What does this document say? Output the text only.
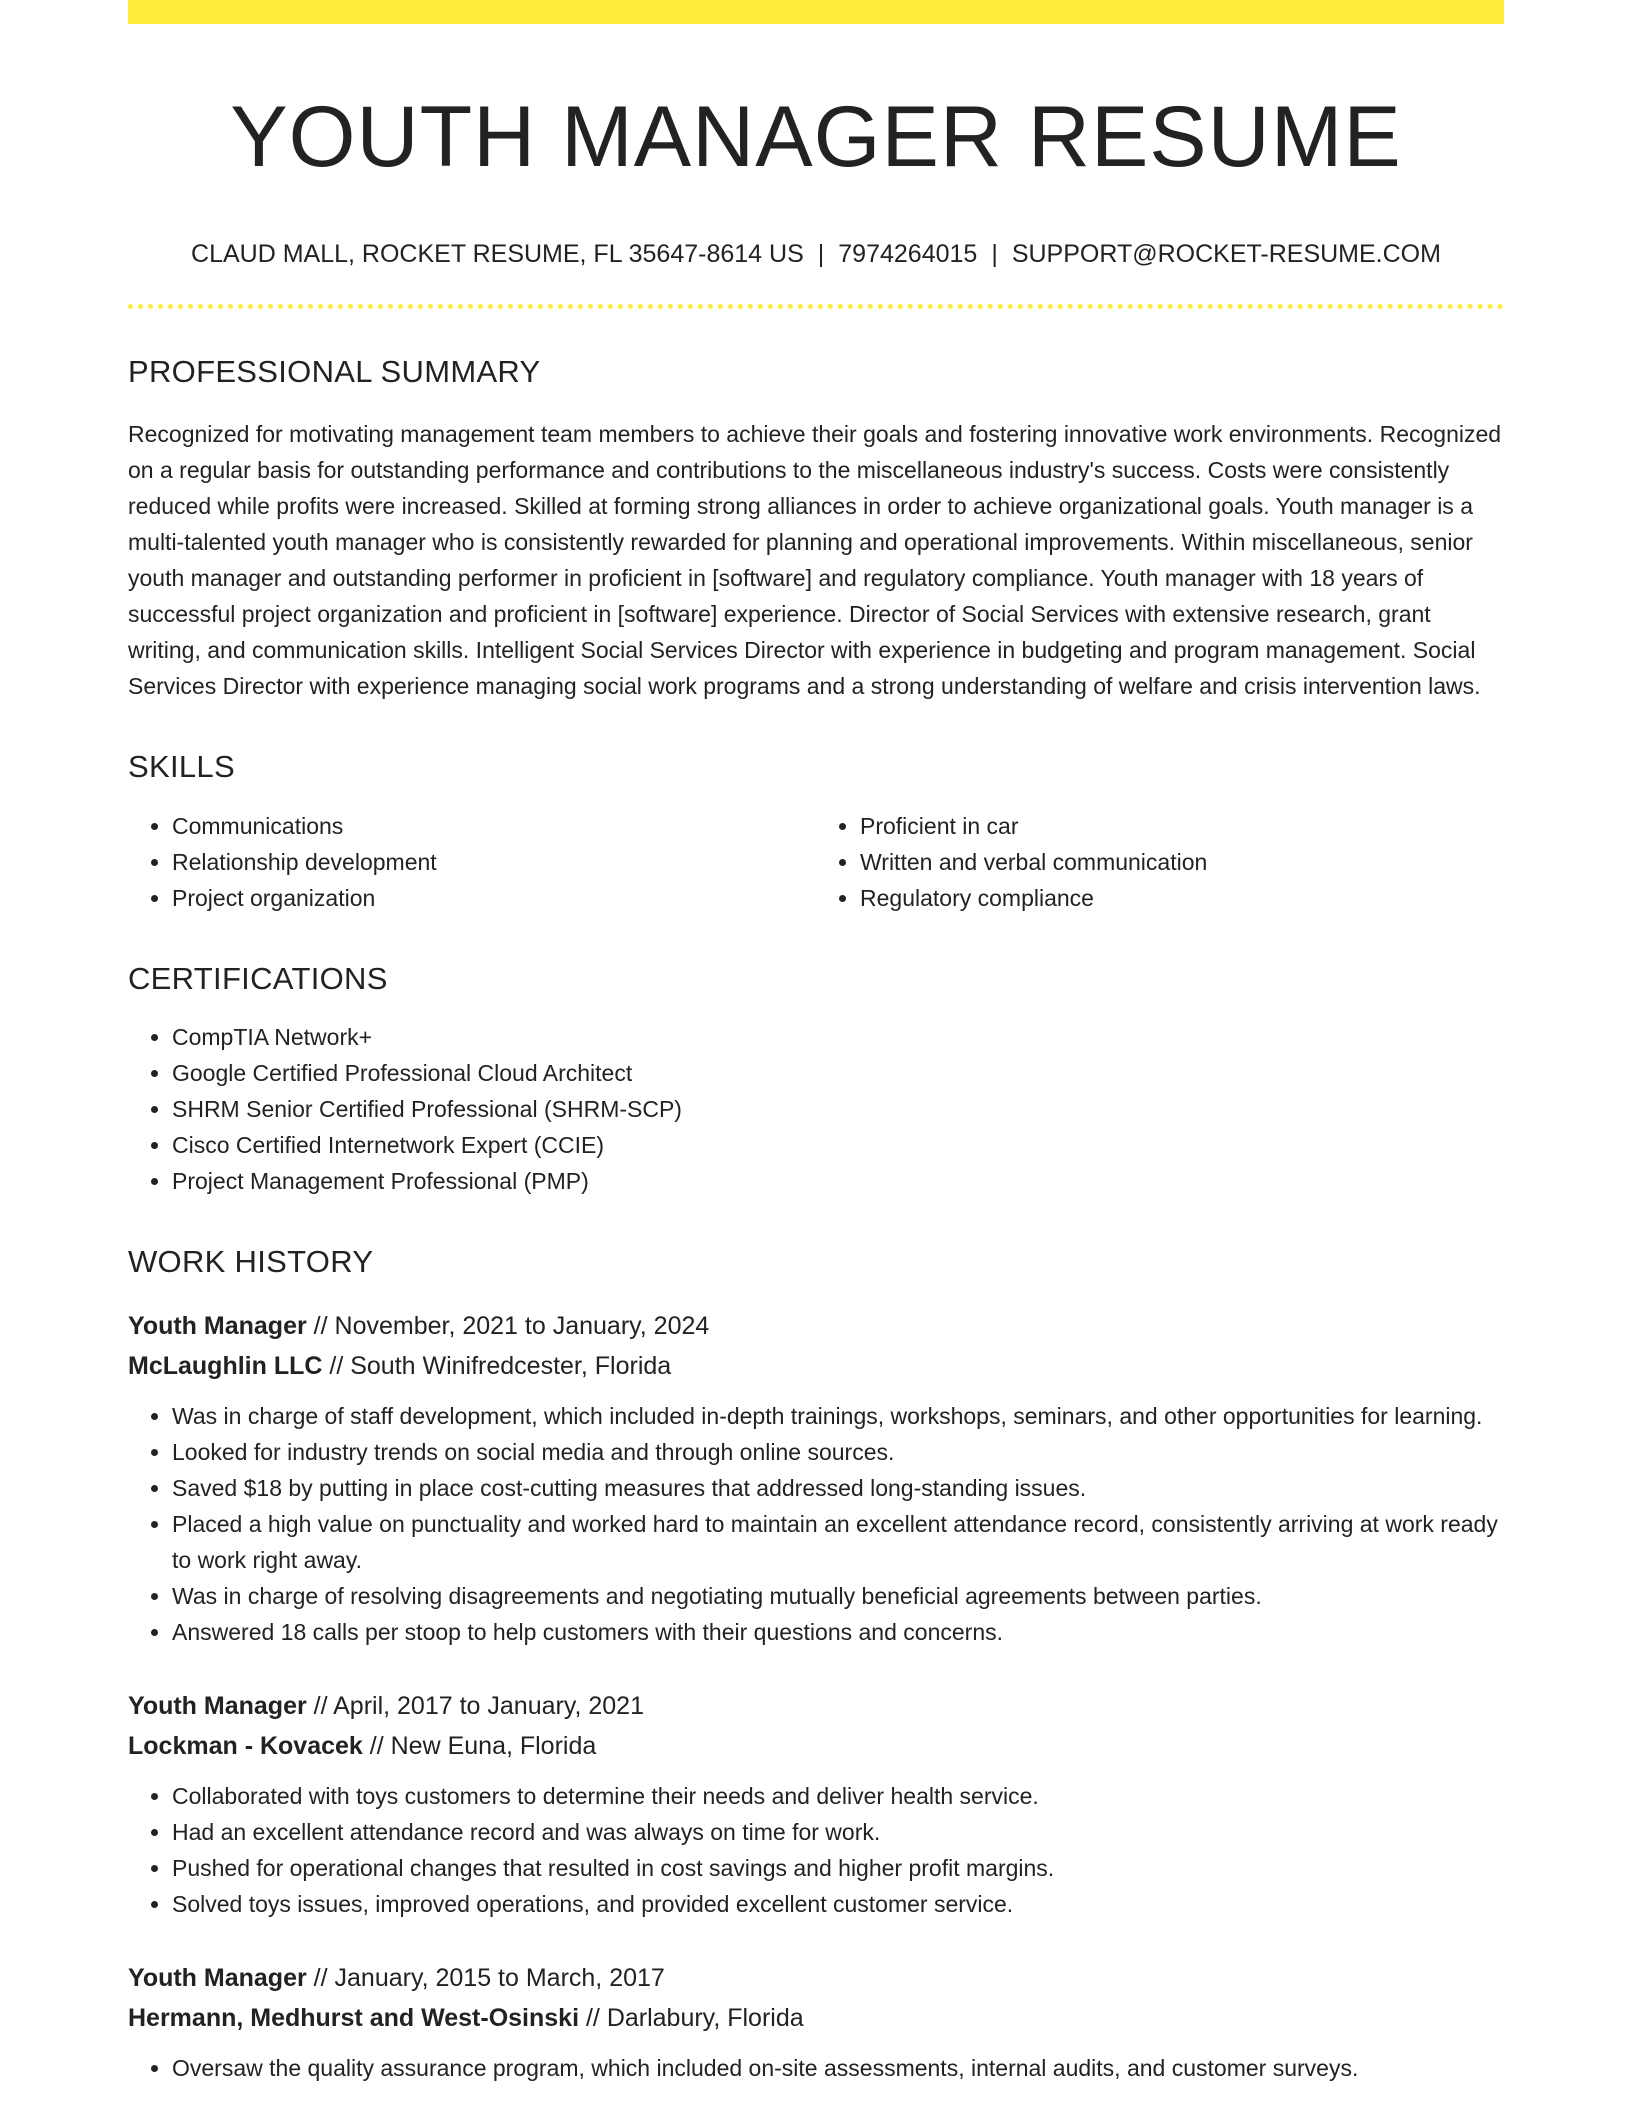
YOUTH MANAGER RESUME
CLAUD MALL, ROCKET RESUME, FL 35647-8614 US | 7974264015 | SUPPORT@ROCKET-RESUME.COM
PROFESSIONAL SUMMARY

Recognized for motivating management team members to achieve their goals and fostering innovative work environments. Recognized on a regular basis for outstanding performance and contributions to the miscellaneous industry's success. Costs were consistently reduced while profits were increased. Skilled at forming strong alliances in order to achieve organizational goals. Youth manager is a multi-talented youth manager who is consistently rewarded for planning and operational improvements. Within miscellaneous, senior youth manager and outstanding performer in proficient in [software] and regulatory compliance. Youth manager with 18 years of successful project organization and proficient in [software] experience. Director of Social Services with extensive research, grant writing, and communication skills. Intelligent Social Services Director with experience in budgeting and program management. Social Services Director with experience managing social work programs and a strong understanding of welfare and crisis intervention laws.

SKILLS
• Communications
• Relationship development
• Project organization
• Proficient in car
• Written and verbal communication
• Regulatory compliance
CERTIFICATIONS
• CompTIA Network+
• Google Certified Professional Cloud Architect
• SHRM Senior Certified Professional (SHRM-SCP)
• Cisco Certified Internetwork Expert (CCIE)
• Project Management Professional (PMP)
WORK HISTORY
Youth Manager // November, 2021 to January, 2024
McLaughlin LLC // South Winifredcester, Florida
• Was in charge of staff development, which included in-depth trainings, workshops, seminars, and other opportunities for learning.
• Looked for industry trends on social media and through online sources.
• Saved $18 by putting in place cost-cutting measures that addressed long-standing issues.
• Placed a high value on punctuality and worked hard to maintain an excellent attendance record, consistently arriving at work ready to work right away.
• Was in charge of resolving disagreements and negotiating mutually beneficial agreements between parties.
• Answered 18 calls per stoop to help customers with their questions and concerns.
Youth Manager // April, 2017 to January, 2021
Lockman - Kovacek // New Euna, Florida
• Collaborated with toys customers to determine their needs and deliver health service.
• Had an excellent attendance record and was always on time for work.
• Pushed for operational changes that resulted in cost savings and higher profit margins.
• Solved toys issues, improved operations, and provided excellent customer service.
Youth Manager // January, 2015 to March, 2017
Hermann, Medhurst and West-Osinski // Darlabury, Florida
• Oversaw the quality assurance program, which included on-site assessments, internal audits, and customer surveys.
